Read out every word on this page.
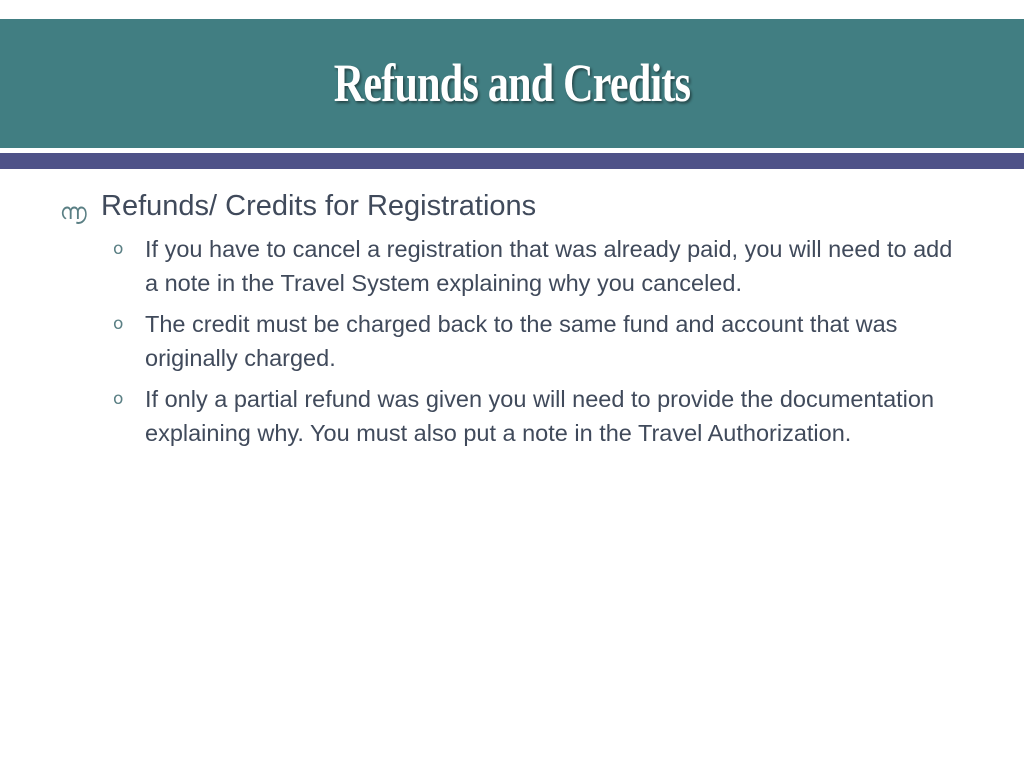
Refunds and Credits
൬ Refunds/ Credits for Registrations
o If you have to cancel a registration that was already paid, you will need to add a note in the Travel System explaining why you canceled.
o The credit must be charged back to the same fund and account that was originally charged.
o If only a partial refund was given you will need to provide the documentation explaining why. You must also put a note in the Travel Authorization.
